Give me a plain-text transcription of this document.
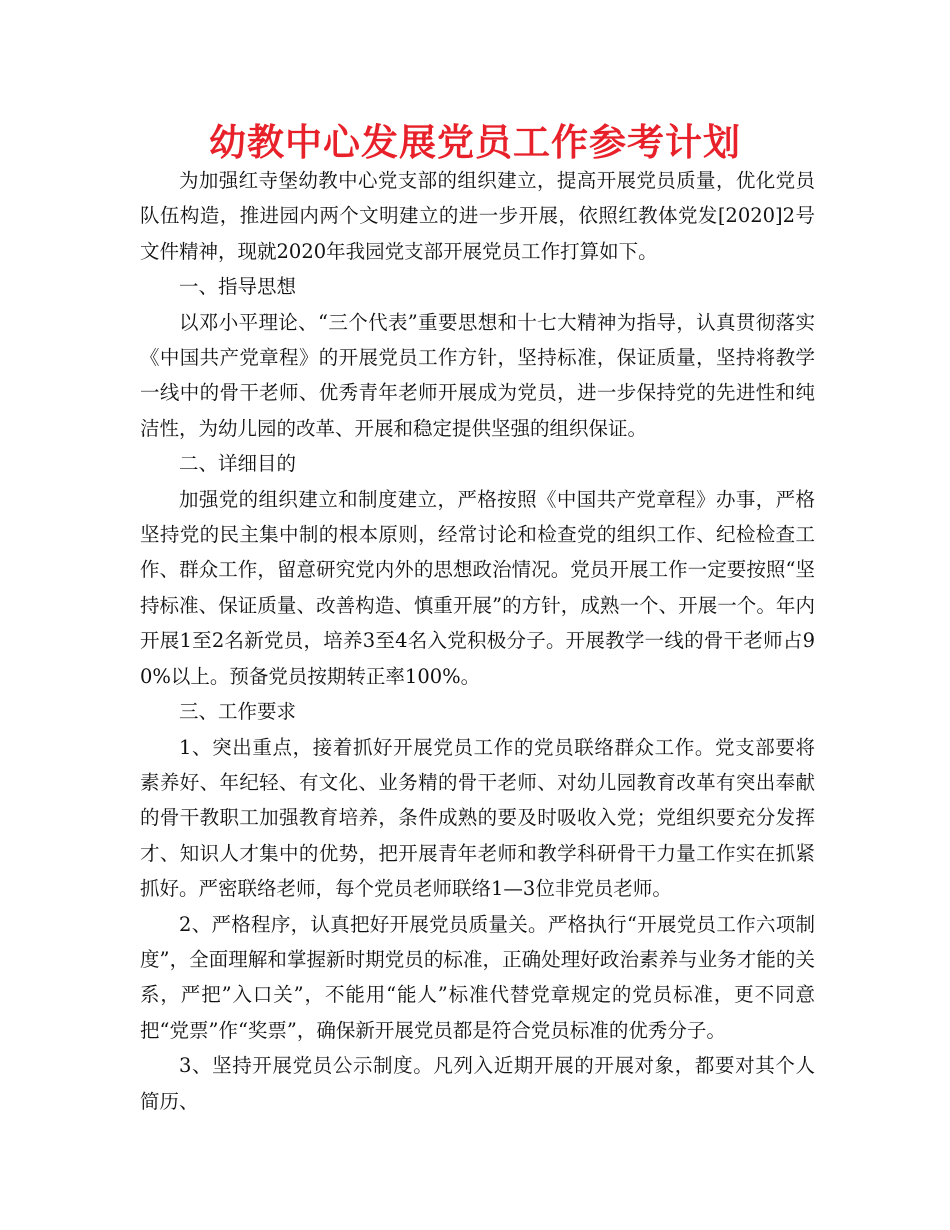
幼教中心发展党员工作参考计划

为加强红寺堡幼教中心党支部的组织建立，提高开展党员质量，优化党员队伍构造，推进园内两个文明建立的进一步开展，依照红教体党发[2020]2号文件精神，现就2020年我园党支部开展党员工作打算如下。

一、指导思想

以邓小平理论、“三个代表”重要思想和十七大精神为指导，认真贯彻落实《中国共产党章程》的开展党员工作方针，坚持标准，保证质量，坚持将教学一线中的骨干老师、优秀青年老师开展成为党员，进一步保持党的先进性和纯洁性，为幼儿园的改革、开展和稳定提供坚强的组织保证。

二、详细目的

加强党的组织建立和制度建立，严格按照《中国共产党章程》办事，严格坚持党的民主集中制的根本原则，经常讨论和检查党的组织工作、纪检检查工作、群众工作，留意研究党内外的思想政治情况。党员开展工作一定要按照“坚持标准、保证质量、改善构造、慎重开展”的方针，成熟一个、开展一个。年内开展1至2名新党员，培养3至4名入党积极分子。开展教学一线的骨干老师占90%以上。预备党员按期转正率100%。

三、工作要求

1、突出重点，接着抓好开展党员工作的党员联络群众工作。党支部要将素养好、年纪轻、有文化、业务精的骨干老师、对幼儿园教育改革有突出奉献的骨干教职工加强教育培养，条件成熟的要及时吸收入党；党组织要充分发挥才、知识人才集中的优势，把开展青年老师和教学科研骨干力量工作实在抓紧抓好。严密联络老师，每个党员老师联络1—3位非党员老师。

2、严格程序，认真把好开展党员质量关。严格执行“开展党员工作六项制度”，全面理解和掌握新时期党员的标准，正确处理好政治素养与业务才能的关系，严把”入口关”，不能用“能人”标准代替党章规定的党员标准，更不同意把“党票”作“奖票”，确保新开展党员都是符合党员标准的优秀分子。

3、坚持开展党员公示制度。凡列入近期开展的开展对象，都要对其个人简历、
